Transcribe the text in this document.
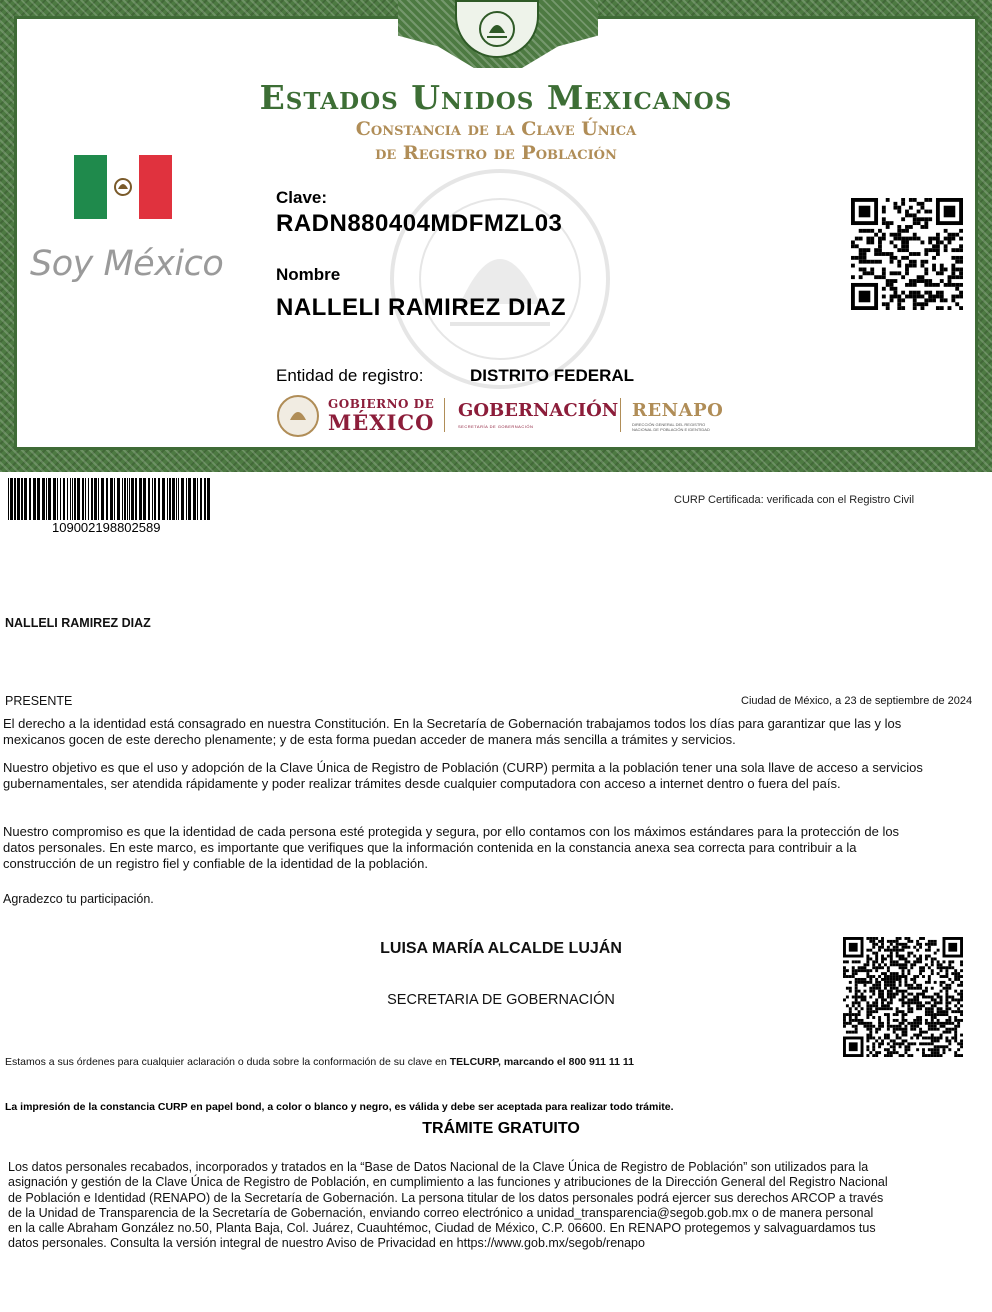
Estados Unidos Mexicanos
Constancia de la Clave Única
de Registro de Población
Soy México
Clave:
RADN880404MDFMZL03
Nombre
NALLELI RAMIREZ DIAZ
Entidad de registro:	DISTRITO FEDERAL
GOBIERNO DE
MÉXICO GOBERNACIÓN
SECRETARÍA DE GOBERNACIÓN
RENAPO
DIRECCIÓN GENERAL DEL REGISTRO NACIONAL DE POBLACIÓN E IDENTIDAD
109002198802589
CURP Certificada: verificada con el Registro Civil
NALLELI RAMIREZ DIAZ
PRESENTE	Ciudad de México, a 23 de septiembre de 2024
El derecho a la identidad está consagrado en nuestra Constitución. En la Secretaría de Gobernación trabajamos todos los días para garantizar que las y los
mexicanos gocen de este derecho plenamente; y de esta forma puedan acceder de manera más sencilla a trámites y servicios.
Nuestro objetivo es que el uso y adopción de la Clave Única de Registro de Población (CURP) permita a la población tener una sola llave de acceso a servicios
gubernamentales, ser atendida rápidamente y poder realizar trámites desde cualquier computadora con acceso a internet dentro o fuera del país.
Nuestro compromiso es que la identidad de cada persona esté protegida y segura, por ello contamos con los máximos estándares para la protección de los
datos personales. En este marco, es importante que verifiques que la información contenida en la constancia anexa sea correcta para contribuir a la
construcción de un registro fiel y confiable de la identidad de la población.
Agradezco tu participación.
LUISA MARÍA ALCALDE LUJÁN
SECRETARIA DE GOBERNACIÓN
Estamos a sus órdenes para cualquier aclaración o duda sobre la conformación de su clave en TELCURP, marcando el 800 911 11 11
La impresión de la constancia CURP en papel bond, a color o blanco y negro, es válida y debe ser aceptada para realizar todo trámite.
TRÁMITE GRATUITO
Los datos personales recabados, incorporados y tratados en la “Base de Datos Nacional de la Clave Única de Registro de Población” son utilizados para la
asignación y gestión de la Clave Única de Registro de Población, en cumplimiento a las funciones y atribuciones de la Dirección General del Registro Nacional
de Población e Identidad (RENAPO) de la Secretaría de Gobernación. La persona titular de los datos personales podrá ejercer sus derechos ARCOP a través
de la Unidad de Transparencia de la Secretaría de Gobernación, enviando correo electrónico a unidad_transparencia@segob.gob.mx o de manera personal
en la calle Abraham González no.50, Planta Baja, Col. Juárez, Cuauhtémoc, Ciudad de México, C.P. 06600. En RENAPO protegemos y salvaguardamos tus
datos personales. Consulta la versión integral de nuestro Aviso de Privacidad en https://www.gob.mx/segob/renapo
